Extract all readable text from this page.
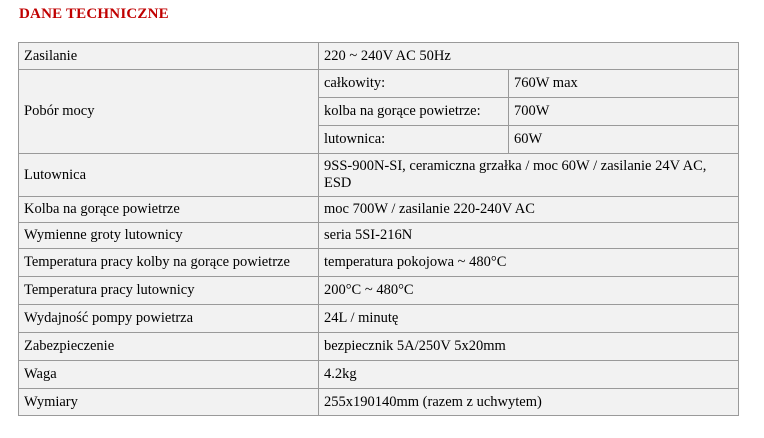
DANE TECHNICZNE
Zasilanie	220 ~ 240V AC 50Hz	
Pobór mocy	całkowity:	760W max
	kolba na gorące powietrze:	700W
	lutownica:	60W
Lutownica	9SS-900N-SI, ceramiczna grzałka / moc 60W / zasilanie 24V AC, ESD	
Kolba na gorące powietrze	moc 700W / zasilanie 220-240V AC	
Wymienne groty lutownicy	seria 5SI-216N	
Temperatura pracy kolby na gorące powietrze	temperatura pokojowa ~ 480°C	
Temperatura pracy lutownicy	200°C ~ 480°C	
Wydajność pompy powietrza	24L / minutę	
Zabezpieczenie	bezpiecznik 5A/250V 5x20mm	
Waga	4.2kg	
Wymiary	255x190140mm (razem z uchwytem)	
